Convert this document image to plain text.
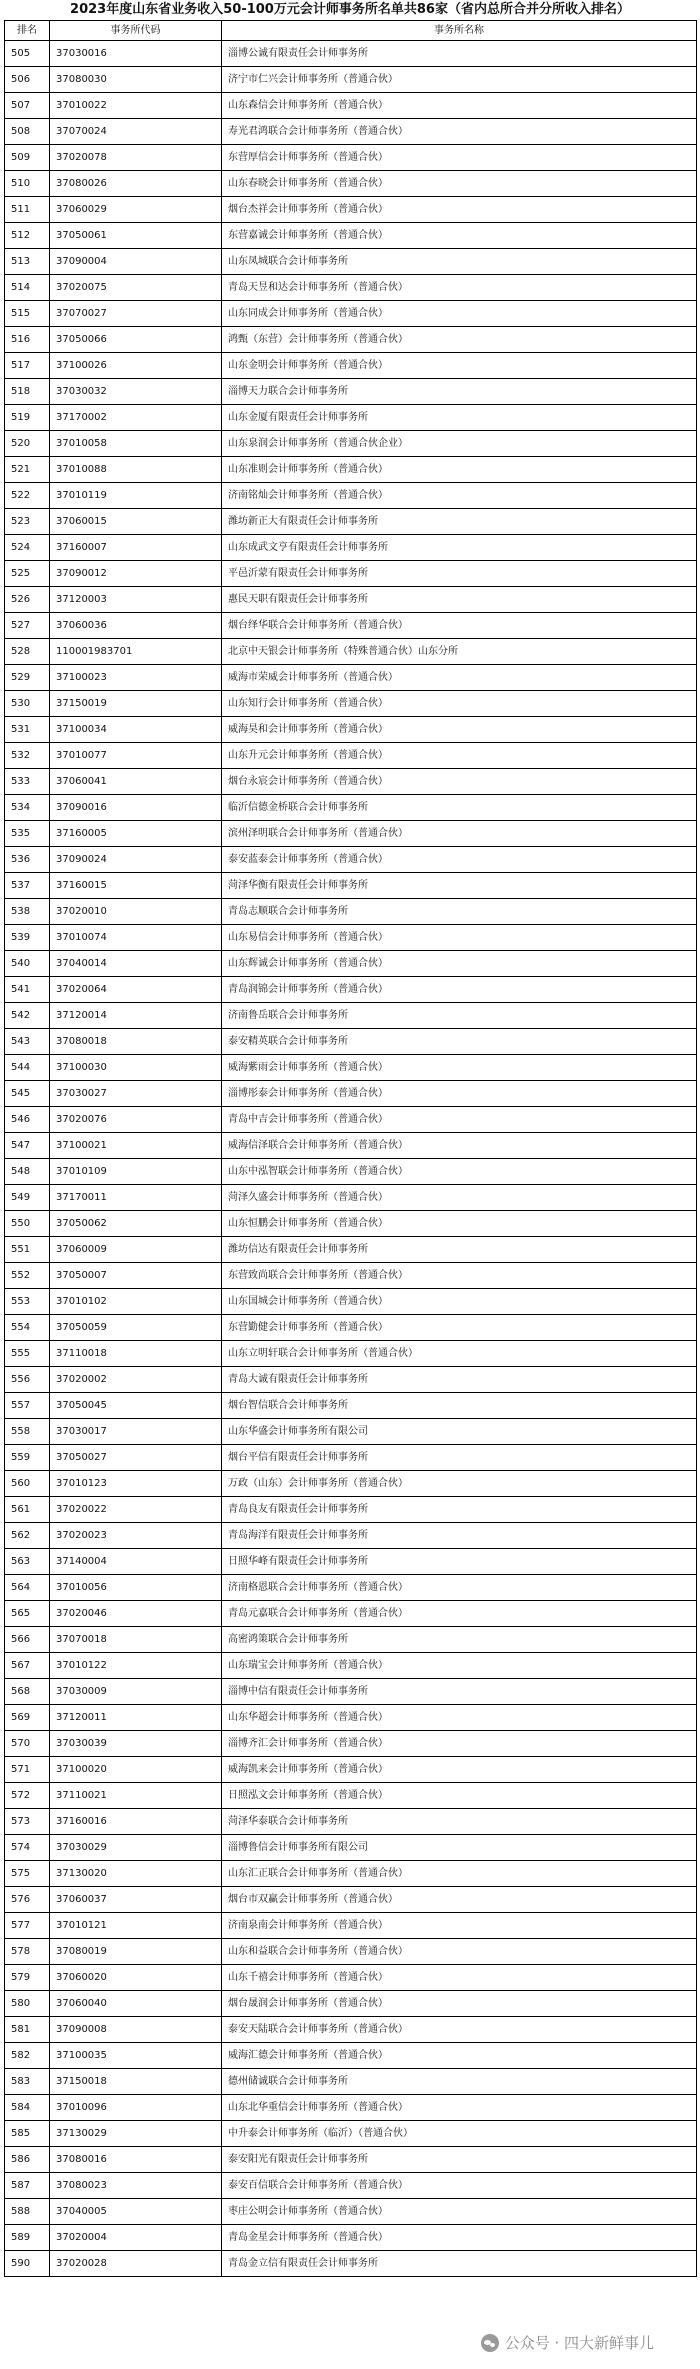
2023年度山东省业务收入50-100万元会计师事务所名单共86家（省内总所合并分所收入排名）
排名	事务所代码	事务所名称
505	37030016	淄博公诚有限责任会计师事务所
506	37080030	济宁市仁兴会计师事务所（普通合伙）
507	37010022	山东森信会计师事务所（普通合伙）
508	37070024	寿光君鸿联合会计师事务所（普通合伙）
509	37020078	东营厚信会计师事务所（普通合伙）
510	37080026	山东春晓会计师事务所（普通合伙）
511	37060029	烟台杰祥会计师事务所（普通合伙）
512	37050061	东营嘉诚会计师事务所（普通合伙）
513	37090004	山东凤城联合会计师事务所
514	37020075	青岛天昱和达会计师事务所（普通合伙）
515	37070027	山东同成会计师事务所（普通合伙）
516	37050066	鸿甄（东营）会计师事务所（普通合伙）
517	37100026	山东金明会计师事务所（普通合伙）
518	37030032	淄博天力联合会计师事务所
519	37170002	山东金厦有限责任会计师事务所
520	37010058	山东泉润会计师事务所（普通合伙企业）
521	37010088	山东准则会计师事务所（普通合伙）
522	37010119	济南铭灿会计师事务所（普通合伙）
523	37060015	潍坊新正大有限责任会计师事务所
524	37160007	山东成武文亨有限责任会计师事务所
525	37090012	平邑沂蒙有限责任会计师事务所
526	37120003	惠民天职有限责任会计师事务所
527	37060036	烟台绎华联合会计师事务所（普通合伙）
528	110001983701	北京中天银会计师事务所（特殊普通合伙）山东分所
529	37100023	威海市荣威会计师事务所（普通合伙）
530	37150019	山东知行会计师事务所（普通合伙）
531	37100034	威海昊和会计师事务所（普通合伙）
532	37010077	山东升元会计师事务所（普通合伙）
533	37060041	烟台永宸会计师事务所（普通合伙）
534	37090016	临沂信德金桥联合会计师事务所
535	37160005	滨州泽明联合会计师事务所（普通合伙）
536	37090024	泰安蓝泰会计师事务所（普通合伙）
537	37160015	菏泽华衡有限责任会计师事务所
538	37020010	青岛志顺联合会计师事务所
539	37010074	山东易信会计师事务所（普通合伙）
540	37040014	山东辉诚会计师事务所（普通合伙）
541	37020064	青岛润锦会计师事务所（普通合伙）
542	37120014	济南鲁岳联合会计师事务所
543	37080018	泰安精英联合会计师事务所
544	37100030	威海紫雨会计师事务所（普通合伙）
545	37030027	淄博彤泰会计师事务所（普通合伙）
546	37020076	青岛中吉会计师事务所（普通合伙）
547	37100021	威海信泽联合会计师事务所（普通合伙）
548	37010109	山东中泓智联会计师事务所（普通合伙）
549	37170011	菏泽久盛会计师事务所（普通合伙）
550	37050062	山东恒鹏会计师事务所（普通合伙）
551	37060009	潍坊信达有限责任会计师事务所
552	37050007	东营致尚联合会计师事务所（普通合伙）
553	37010102	山东国城会计师事务所（普通合伙）
554	37050059	东营勤健会计师事务所（普通合伙）
555	37110018	山东立明轩联合会计师事务所（普通合伙）
556	37020002	青岛大诚有限责任会计师事务所
557	37050045	烟台智信联合会计师事务所
558	37030017	山东华盛会计师事务所有限公司
559	37050027	烟台平信有限责任会计师事务所
560	37010123	万政（山东）会计师事务所（普通合伙）
561	37020022	青岛良友有限责任会计师事务所
562	37020023	青岛海洋有限责任会计师事务所
563	37140004	日照华峰有限责任会计师事务所
564	37010056	济南格恩联合会计师事务所（普通合伙）
565	37020046	青岛元嘉联合会计师事务所（普通合伙）
566	37070018	高密鸿策联合会计师事务所
567	37010122	山东瑞宝会计师事务所（普通合伙）
568	37030009	淄博中信有限责任会计师事务所
569	37120011	山东华超会计师事务所（普通合伙）
570	37030039	淄博齐汇会计师事务所（普通合伙）
571	37100020	威海凯来会计师事务所（普通合伙）
572	37110021	日照泓文会计师事务所（普通合伙）
573	37160016	菏泽华泰联合会计师事务所
574	37030029	淄博鲁信会计师事务所有限公司
575	37130020	山东汇正联合会计师事务所（普通合伙）
576	37060037	烟台市双赢会计师事务所（普通合伙）
577	37010121	济南泉南会计师事务所（普通合伙）
578	37080019	山东和益联合会计师事务所（普通合伙）
579	37060020	山东千禧会计师事务所（普通合伙）
580	37060040	烟台晟润会计师事务所（普通合伙）
581	37090008	泰安天陆联合会计师事务所（普通合伙）
582	37100035	威海汇德会计师事务所（普通合伙）
583	37150018	德州储诚联合会计师事务所
584	37010096	山东北华重信会计师事务所（普通合伙）
585	37130029	中升泰会计师事务所（临沂）（普通合伙）
586	37080016	泰安阳光有限责任会计师事务所
587	37080023	泰安百信联合会计师事务所（普通合伙）
588	37040005	枣庄公明会计师事务所（普通合伙）
589	37020004	青岛金星会计师事务所（普通合伙）
590	37020028	青岛金立信有限责任会计师事务所
公众号 · 四大新鲜事儿
